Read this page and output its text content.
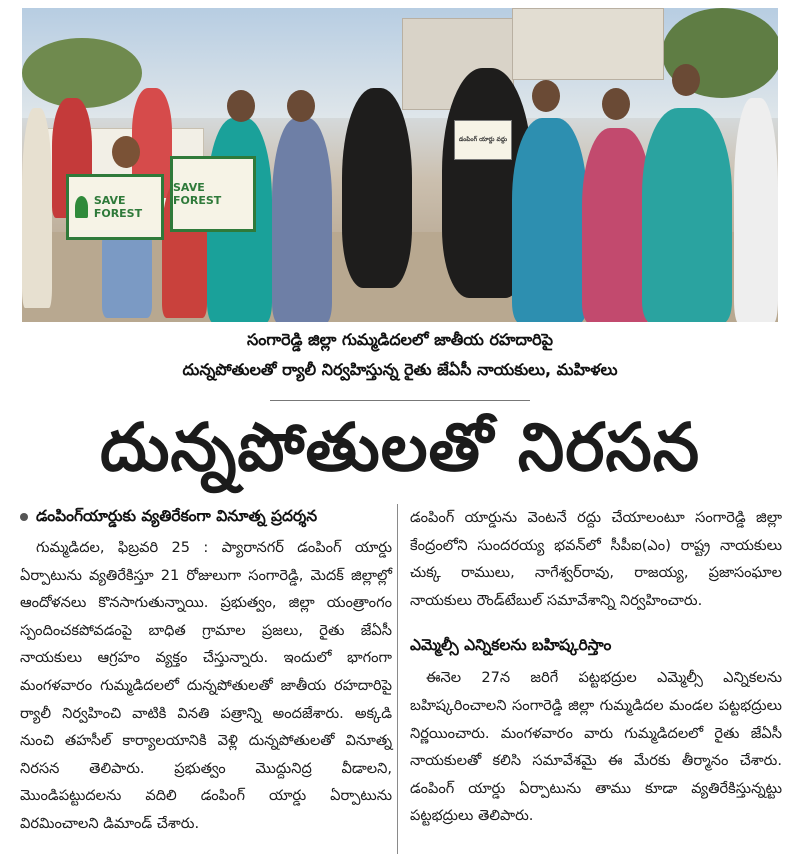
SAVE FOREST
SAVE FOREST
డంపింగ్ యార్డు వద్దు
సంగారెడ్డి జిల్లా గుమ్మడిదలలో జాతీయ రహదారిపై
దున్నపోతులతో ర్యాలీ నిర్వహిస్తున్న రైతు జేఏసీ నాయకులు, మహిళలు
దున్నపోతులతో నిరసన
డంపింగ్‌యార్డుకు వ్యతిరేకంగా వినూత్న ప్రదర్శన

గుమ్మడిదల, ఫిబ్రవరి 25 : ప్యారానగర్ డంపింగ్ యార్డు ఏర్పాటును వ్యతిరేకిస్తూ 21 రోజులుగా సంగారెడ్డి, మెదక్ జిల్లాల్లో ఆందోళనలు కొనసాగుతున్నాయి. ప్రభుత్వం, జిల్లా యంత్రాంగం స్పందించకపోవడంపై బాధిత గ్రామాల ప్రజలు, రైతు జేఏసీ నాయకులు ఆగ్రహం వ్యక్తం చేస్తున్నారు. ఇందులో భాగంగా మంగళవారం గుమ్మడిదలలో దున్నపోతులతో జాతీయ రహదారిపై ర్యాలీ నిర్వహించి వాటికి వినతి పత్రాన్ని అందజేశారు. అక్కడి నుంచి తహసీల్ కార్యాలయానికి వెళ్లి దున్నపోతులతో వినూత్న నిరసన తెలిపారు. ప్రభుత్వం మొద్దునిద్ర వీడాలని, మొండిపట్టుదలను వదిలి డంపింగ్ యార్డు ఏర్పాటును విరమించాలని డిమాండ్ చేశారు.

డంపింగ్ యార్డును వెంటనే రద్దు చేయాలంటూ సంగారెడ్డి జిల్లా కేంద్రంలోని సుందరయ్య భవన్‌లో సీపీఐ(ఎం) రాష్ట్ర నాయకులు చుక్క రాములు, నాగేశ్వర్‌రావు, రాజయ్య, ప్రజాసంఘాల నాయకులు రౌండ్‌టేబుల్ సమావేశాన్ని నిర్వహించారు.

ఎమ్మెల్సీ ఎన్నికలను బహిష్కరిస్తాం

ఈనెల 27న జరిగే పట్టభద్రుల ఎమ్మెల్సీ ఎన్నికలను బహిష్కరించాలని సంగారెడ్డి జిల్లా గుమ్మడిదల మండల పట్టభద్రులు నిర్ణయించారు. మంగళవారం వారు గుమ్మడిదలలో రైతు జేఏసీ నాయకులతో కలిసి సమావేశమై ఈ మేరకు తీర్మానం చేశారు. డంపింగ్ యార్డు ఏర్పాటును తాము కూడా వ్యతిరేకిస్తున్నట్టు పట్టభద్రులు తెలిపారు.
